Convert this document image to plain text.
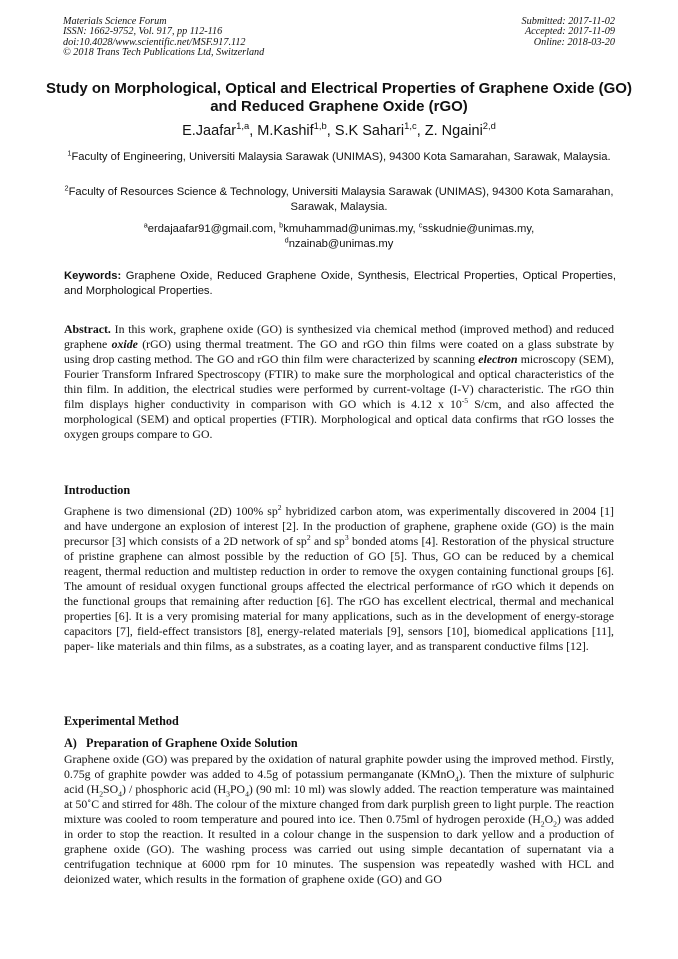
Materials Science Forum
ISSN: 1662-9752, Vol. 917, pp 112-116
doi:10.4028/www.scientific.net/MSF.917.112
© 2018 Trans Tech Publications Ltd, Switzerland
Submitted: 2017-11-02
Accepted: 2017-11-09
Online: 2018-03-20
Study on Morphological, Optical and Electrical Properties of Graphene Oxide (GO) and Reduced Graphene Oxide (rGO)
E.Jaafar$^{1,a}$, M.Kashif$^{1,b}$, S.K Sahari$^{1,c}$, Z. Ngaini$^{2,d}$
$^1$Faculty of Engineering, Universiti Malaysia Sarawak (UNIMAS), 94300 Kota Samarahan, Sarawak, Malaysia.
$^2$Faculty of Resources Science & Technology, Universiti Malaysia Sarawak (UNIMAS), 94300 Kota Samarahan, Sarawak, Malaysia.
$^a$erdajaafar91@gmail.com, $^b$kmuhammad@unimas.my, $^c$sskudnie@unimas.my,
$^d$nzainab@unimas.my
Keywords: Graphene Oxide, Reduced Graphene Oxide, Synthesis, Electrical Properties, Optical Properties, and Morphological Properties.
Abstract. In this work, graphene oxide (GO) is synthesized via chemical method (improved method) and reduced graphene oxide (rGO) using thermal treatment. The GO and rGO thin films were coated on a glass substrate by using drop casting method. The GO and rGO thin film were characterized by scanning electron microscopy (SEM), Fourier Transform Infrared Spectroscopy (FTIR) to make sure the morphological and optical characteristics of the thin film. In addition, the electrical studies were performed by current-voltage (I-V) characteristic. The rGO thin film displays higher conductivity in comparison with GO which is 4.12 x $10^{-5}$ S/cm, and also affected the morphological (SEM) and optical properties (FTIR). Morphological and optical data confirms that rGO losses the oxygen groups compare to GO.
Introduction
Graphene is two dimensional (2D) 100% $sp^2$ hybridized carbon atom, was experimentally discovered in 2004 [1] and have undergone an explosion of interest [2]. In the production of graphene, graphene oxide (GO) is the main precursor [3] which consists of a 2D network of $sp^2$ and $sp^3$ bonded atoms [4]. Restoration of the physical structure of pristine graphene can almost possible by the reduction of GO [5]. Thus, GO can be reduced by a chemical reagent, thermal reduction and multistep reduction in order to remove the oxygen containing functional groups [6]. The amount of residual oxygen functional groups affected the electrical performance of rGO which it depends on the functional groups that remaining after reduction [6]. The rGO has excellent electrical, thermal and mechanical properties [6]. It is a very promising material for many applications, such as in the development of energy-storage capacitors [7], field-effect transistors [8], energy-related materials [9], sensors [10], biomedical applications [11], paper- like materials and thin films, as a substrates, as a coating layer, and as transparent conductive films [12].
Experimental Method
A)   Preparation of Graphene Oxide Solution
Graphene oxide (GO) was prepared by the oxidation of natural graphite powder using the improved method. Firstly, 0.75g of graphite powder was added to 4.5g of potassium permanganate (KMnO$_4$). Then the mixture of sulphuric acid $(H_2SO_4)$ / phosphoric acid $(H_3PO_4)$ (90 ml: 10 ml) was slowly added. The reaction temperature was maintained at 50˚C and stirred for 48h. The colour of the mixture changed from dark purplish green to light purple. The reaction mixture was cooled to room temperature and poured into ice. Then 0.75ml of hydrogen peroxide $(H_2O_2)$ was added in order to stop the reaction. It resulted in a colour change in the suspension to dark yellow and a production of graphene oxide (GO). The washing process was carried out using simple decantation of supernatant via a centrifugation technique at 6000 rpm for 10 minutes. The suspension was repeatedly washed with HCL and deionized water, which results in the formation of graphene oxide (GO) and GO
